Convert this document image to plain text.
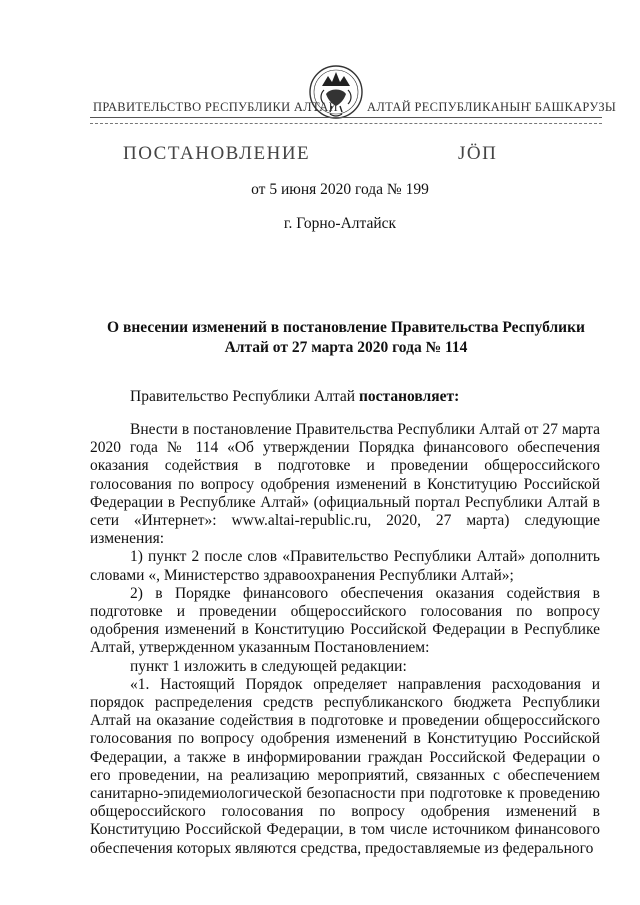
ПРАВИТЕЛЬСТВО РЕСПУБЛИКИ АЛТАЙ АЛТАЙ РЕСПУБЛИКАНЫҤ БАШКАРУЗЫ
ПОСТАНОВЛЕНИЕ	JÖП
от 5 июня 2020 года № 199
г. Горно-Алтайск
О внесении изменений в постановление Правительства Республики Алтай от 27 марта 2020 года № 114
Правительство Республики Алтай постановляет:

Внести в постановление Правительства Республики Алтай от 27 марта 2020 года № 114 «Об утверждении Порядка финансового обеспечения оказания содействия в подготовке и проведении общероссийского голосования по вопросу одобрения изменений в Конституцию Российской Федерации в Республике Алтай» (официальный портал Республики Алтай в сети «Интернет»: www.altai-republic.ru, 2020, 27 марта) следующие изменения:

1) пункт 2 после слов «Правительство Республики Алтай» дополнить словами «, Министерство здравоохранения Республики Алтай»;

2) в Порядке финансового обеспечения оказания содействия в подготовке и проведении общероссийского голосования по вопросу одобрения изменений в Конституцию Российской Федерации в Республике Алтай, утвержденном указанным Постановлением:

пункт 1 изложить в следующей редакции:

«1. Настоящий Порядок определяет направления расходования и порядок распределения средств республиканского бюджета Республики Алтай на оказание содействия в подготовке и проведении общероссийского голосования по вопросу одобрения изменений в Конституцию Российской Федерации, а также в информировании граждан Российской Федерации о его проведении, на реализацию мероприятий, связанных с обеспечением санитарно-эпидемиологической безопасности при подготовке к проведению общероссийского голосования по вопросу одобрения изменений в Конституцию Российской Федерации, в том числе источником финансового обеспечения которых являются средства, предоставляемые из федерального
